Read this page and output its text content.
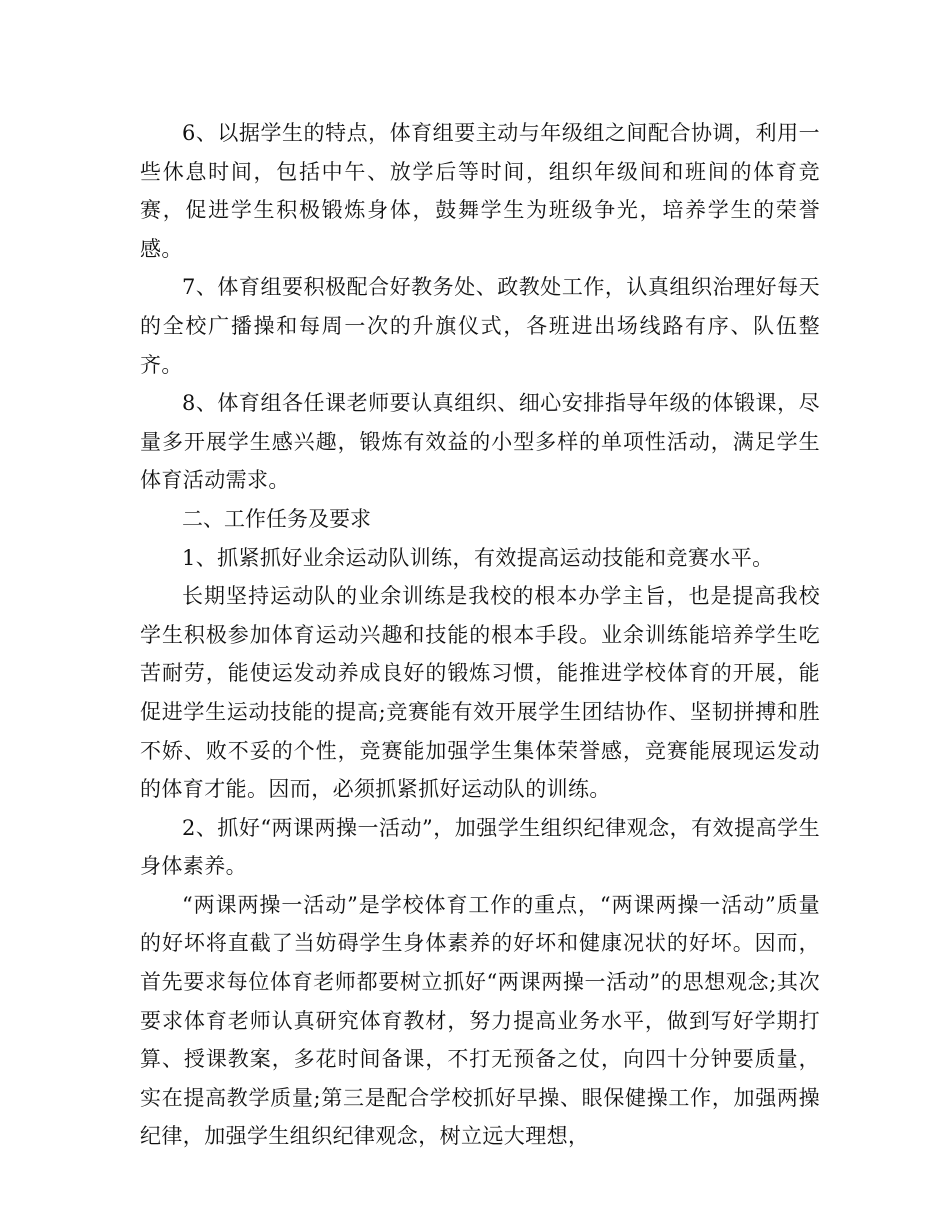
6、以据学生的特点，体育组要主动与年级组之间配合协调，利用一些休息时间，包括中午、放学后等时间，组织年级间和班间的体育竞赛，促进学生积极锻炼身体，鼓舞学生为班级争光，培养学生的荣誉感。

7、体育组要积极配合好教务处、政教处工作，认真组织治理好每天的全校广播操和每周一次的升旗仪式，各班进出场线路有序、队伍整齐。

8、体育组各任课老师要认真组织、细心安排指导年级的体锻课，尽量多开展学生感兴趣，锻炼有效益的小型多样的单项性活动，满足学生体育活动需求。

二、工作任务及要求

1、抓紧抓好业余运动队训练，有效提高运动技能和竞赛水平。

长期坚持运动队的业余训练是我校的根本办学主旨，也是提高我校学生积极参加体育运动兴趣和技能的根本手段。业余训练能培养学生吃苦耐劳，能使运发动养成良好的锻炼习惯，能推进学校体育的开展，能促进学生运动技能的提高;竞赛能有效开展学生团结协作、坚韧拼搏和胜不娇、败不妥的个性，竞赛能加强学生集体荣誉感，竞赛能展现运发动的体育才能。因而，必须抓紧抓好运动队的训练。

2、抓好“两课两操一活动”，加强学生组织纪律观念，有效提高学生身体素养。

“两课两操一活动”是学校体育工作的重点，“两课两操一活动”质量的好坏将直截了当妨碍学生身体素养的好坏和健康况状的好坏。因而，首先要求每位体育老师都要树立抓好“两课两操一活动”的思想观念;其次要求体育老师认真研究体育教材，努力提高业务水平，做到写好学期打算、授课教案，多花时间备课，不打无预备之仗，向四十分钟要质量，实在提高教学质量;第三是配合学校抓好早操、眼保健操工作，加强两操纪律，加强学生组织纪律观念，树立远大理想，
